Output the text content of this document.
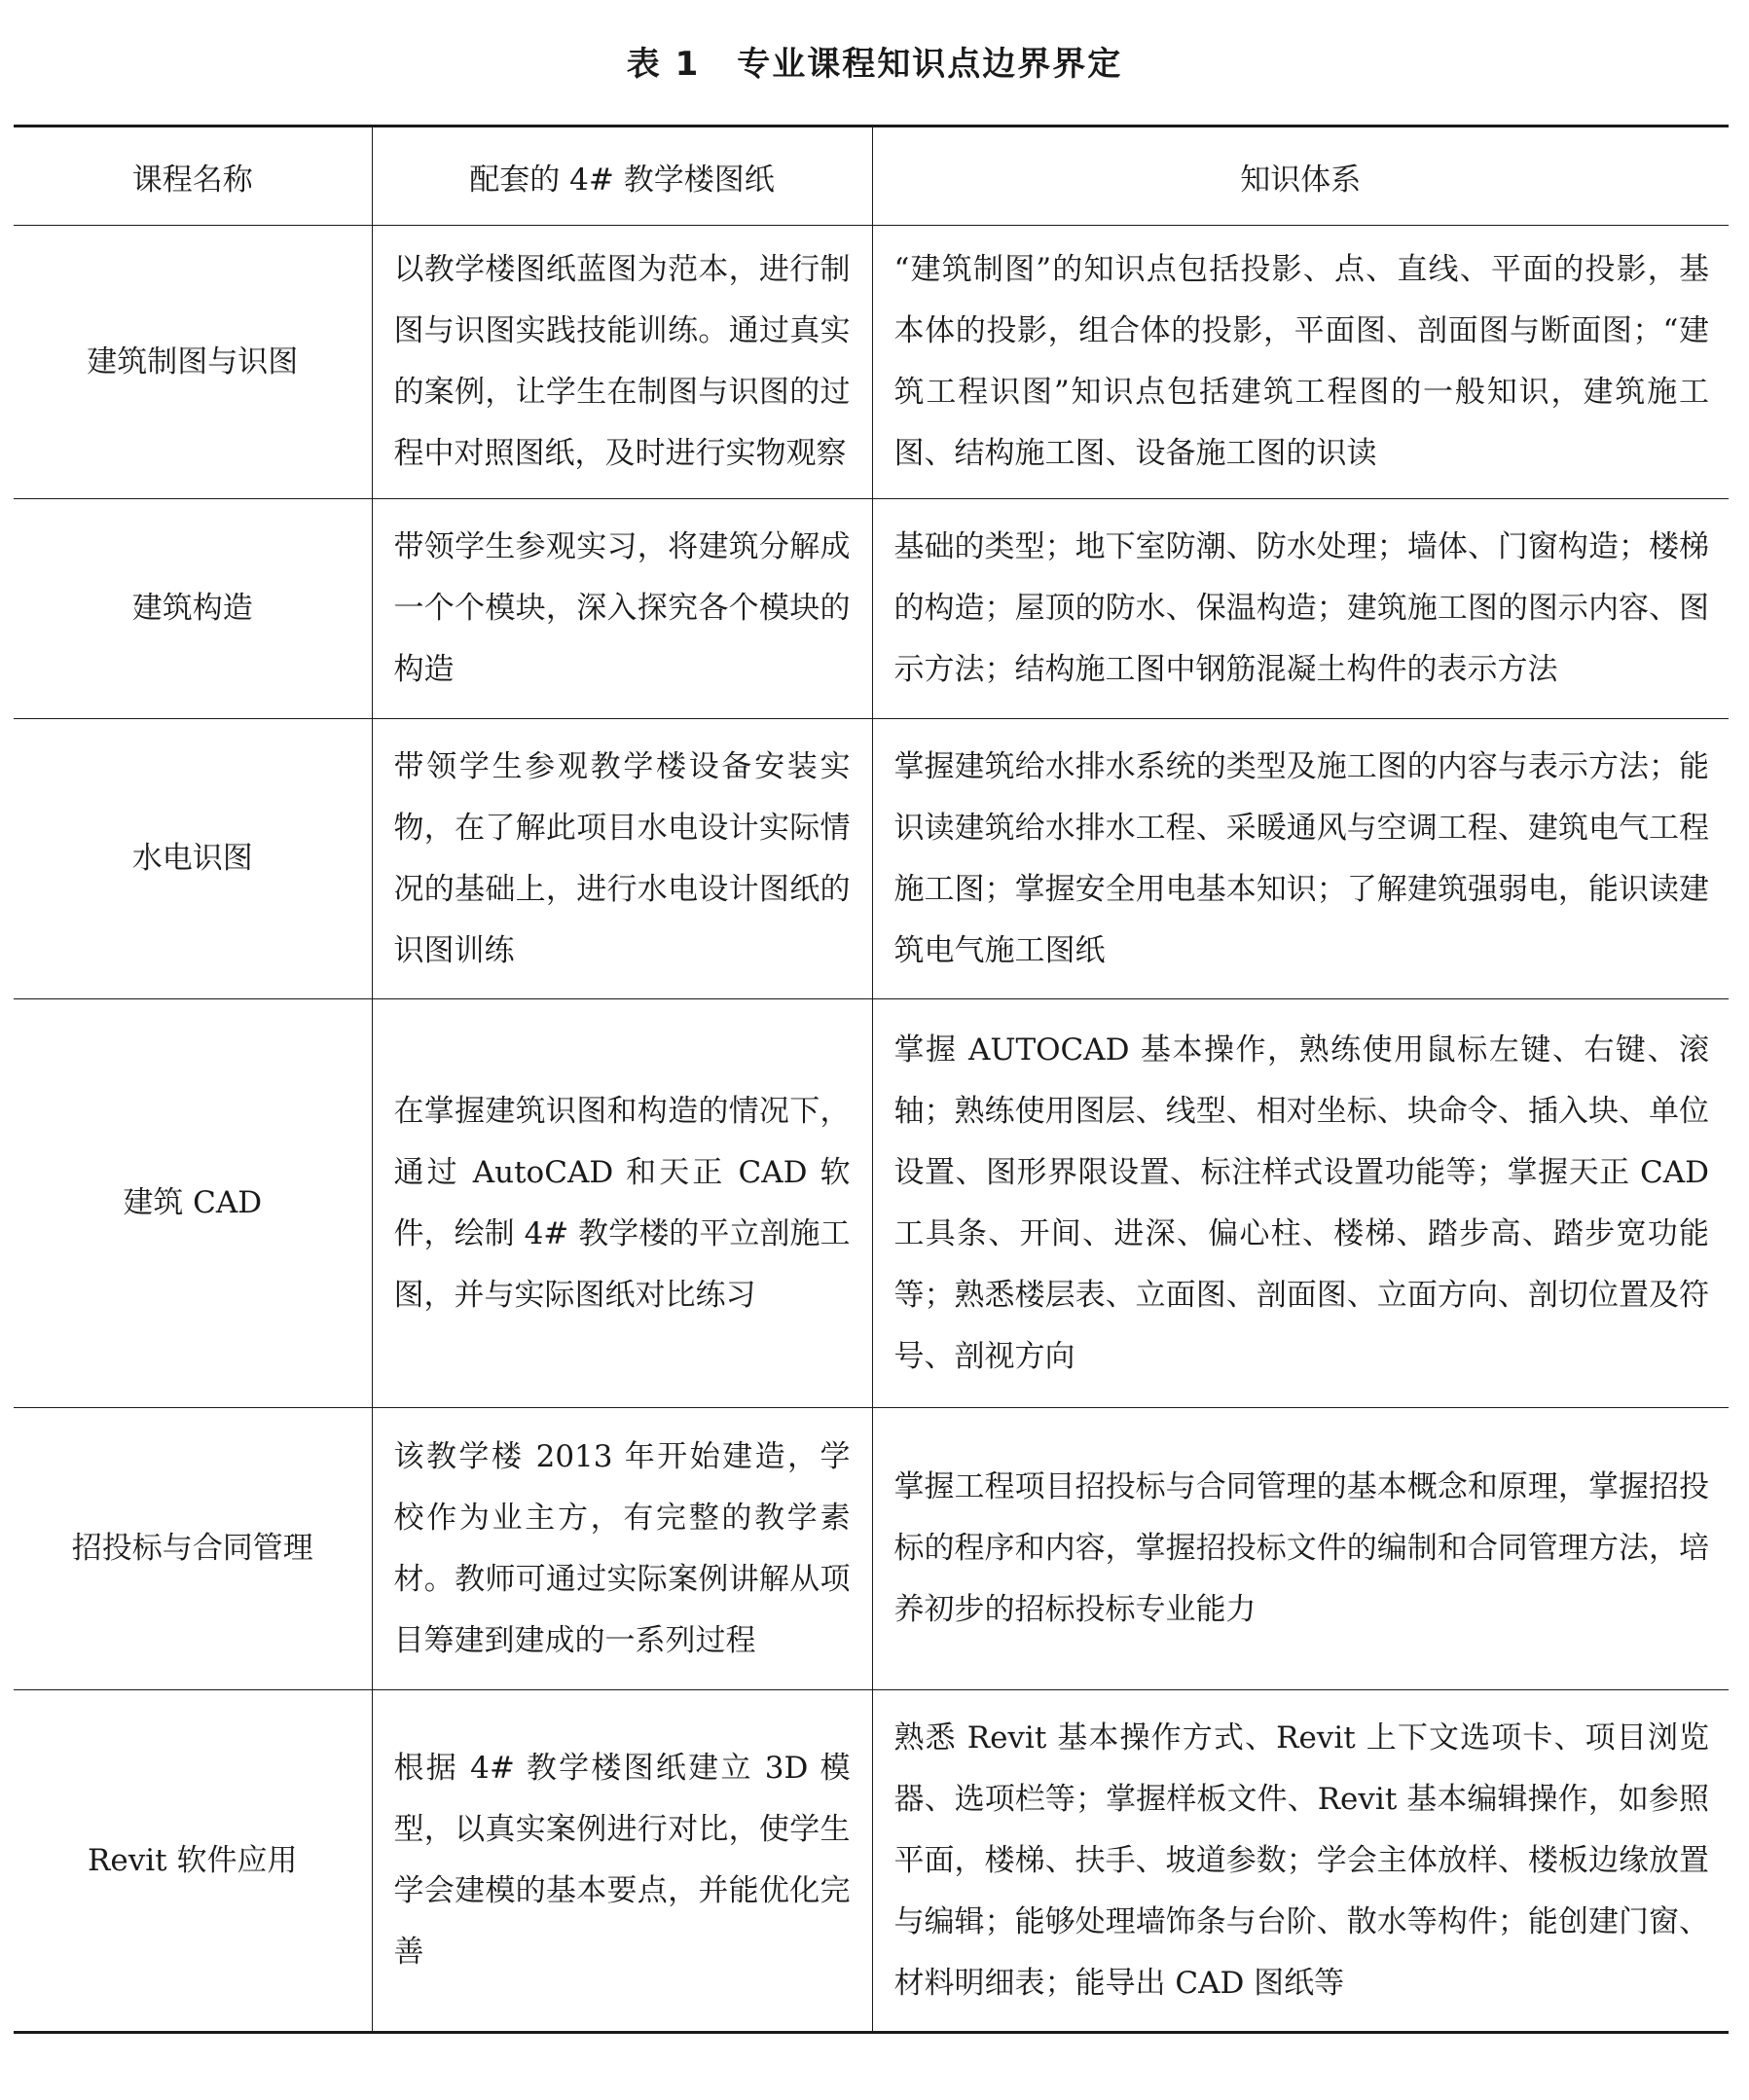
表 1 专业课程知识点边界界定
课程名称	配套的 4# 教学楼图纸	知识体系
建筑制图与识图	以教学楼图纸蓝图为范本，进行制图与识图实践技能训练。通过真实的案例，让学生在制图与识图的过程中对照图纸，及时进行实物观察	“建筑制图”的知识点包括投影、点、直线、平面的投影，基本体的投影，组合体的投影，平面图、剖面图与断面图；“建筑工程识图”知识点包括建筑工程图的一般知识，建筑施工图、结构施工图、设备施工图的识读
建筑构造	带领学生参观实习，将建筑分解成一个个模块，深入探究各个模块的构造	基础的类型；地下室防潮、防水处理；墙体、门窗构造；楼梯的构造；屋顶的防水、保温构造；建筑施工图的图示内容、图示方法；结构施工图中钢筋混凝土构件的表示方法
水电识图	带领学生参观教学楼设备安装实物，在了解此项目水电设计实际情况的基础上，进行水电设计图纸的识图训练	掌握建筑给水排水系统的类型及施工图的内容与表示方法；能识读建筑给水排水工程、采暖通风与空调工程、建筑电气工程施工图；掌握安全用电基本知识；了解建筑强弱电，能识读建筑电气施工图纸
建筑 CAD	在掌握建筑识图和构造的情况下，通过 AutoCAD 和天正 CAD 软件，绘制 4# 教学楼的平立剖施工图，并与实际图纸对比练习	掌握 AUTOCAD 基本操作，熟练使用鼠标左键、右键、滚轴；熟练使用图层、线型、相对坐标、块命令、插入块、单位设置、图形界限设置、标注样式设置功能等；掌握天正 CAD 工具条、开间、进深、偏心柱、楼梯、踏步高、踏步宽功能等；熟悉楼层表、立面图、剖面图、立面方向、剖切位置及符号、剖视方向
招投标与合同管理	该教学楼 2013 年开始建造，学校作为业主方，有完整的教学素材。教师可通过实际案例讲解从项目筹建到建成的一系列过程	掌握工程项目招投标与合同管理的基本概念和原理，掌握招投标的程序和内容，掌握招投标文件的编制和合同管理方法，培养初步的招标投标专业能力
Revit 软件应用	根据 4# 教学楼图纸建立 3D 模型，以真实案例进行对比，使学生学会建模的基本要点，并能优化完善	熟悉 Revit 基本操作方式、Revit 上下文选项卡、项目浏览器、选项栏等；掌握样板文件、Revit 基本编辑操作，如参照平面，楼梯、扶手、坡道参数；学会主体放样、楼板边缘放置与编辑；能够处理墙饰条与台阶、散水等构件；能创建门窗、材料明细表；能导出 CAD 图纸等
